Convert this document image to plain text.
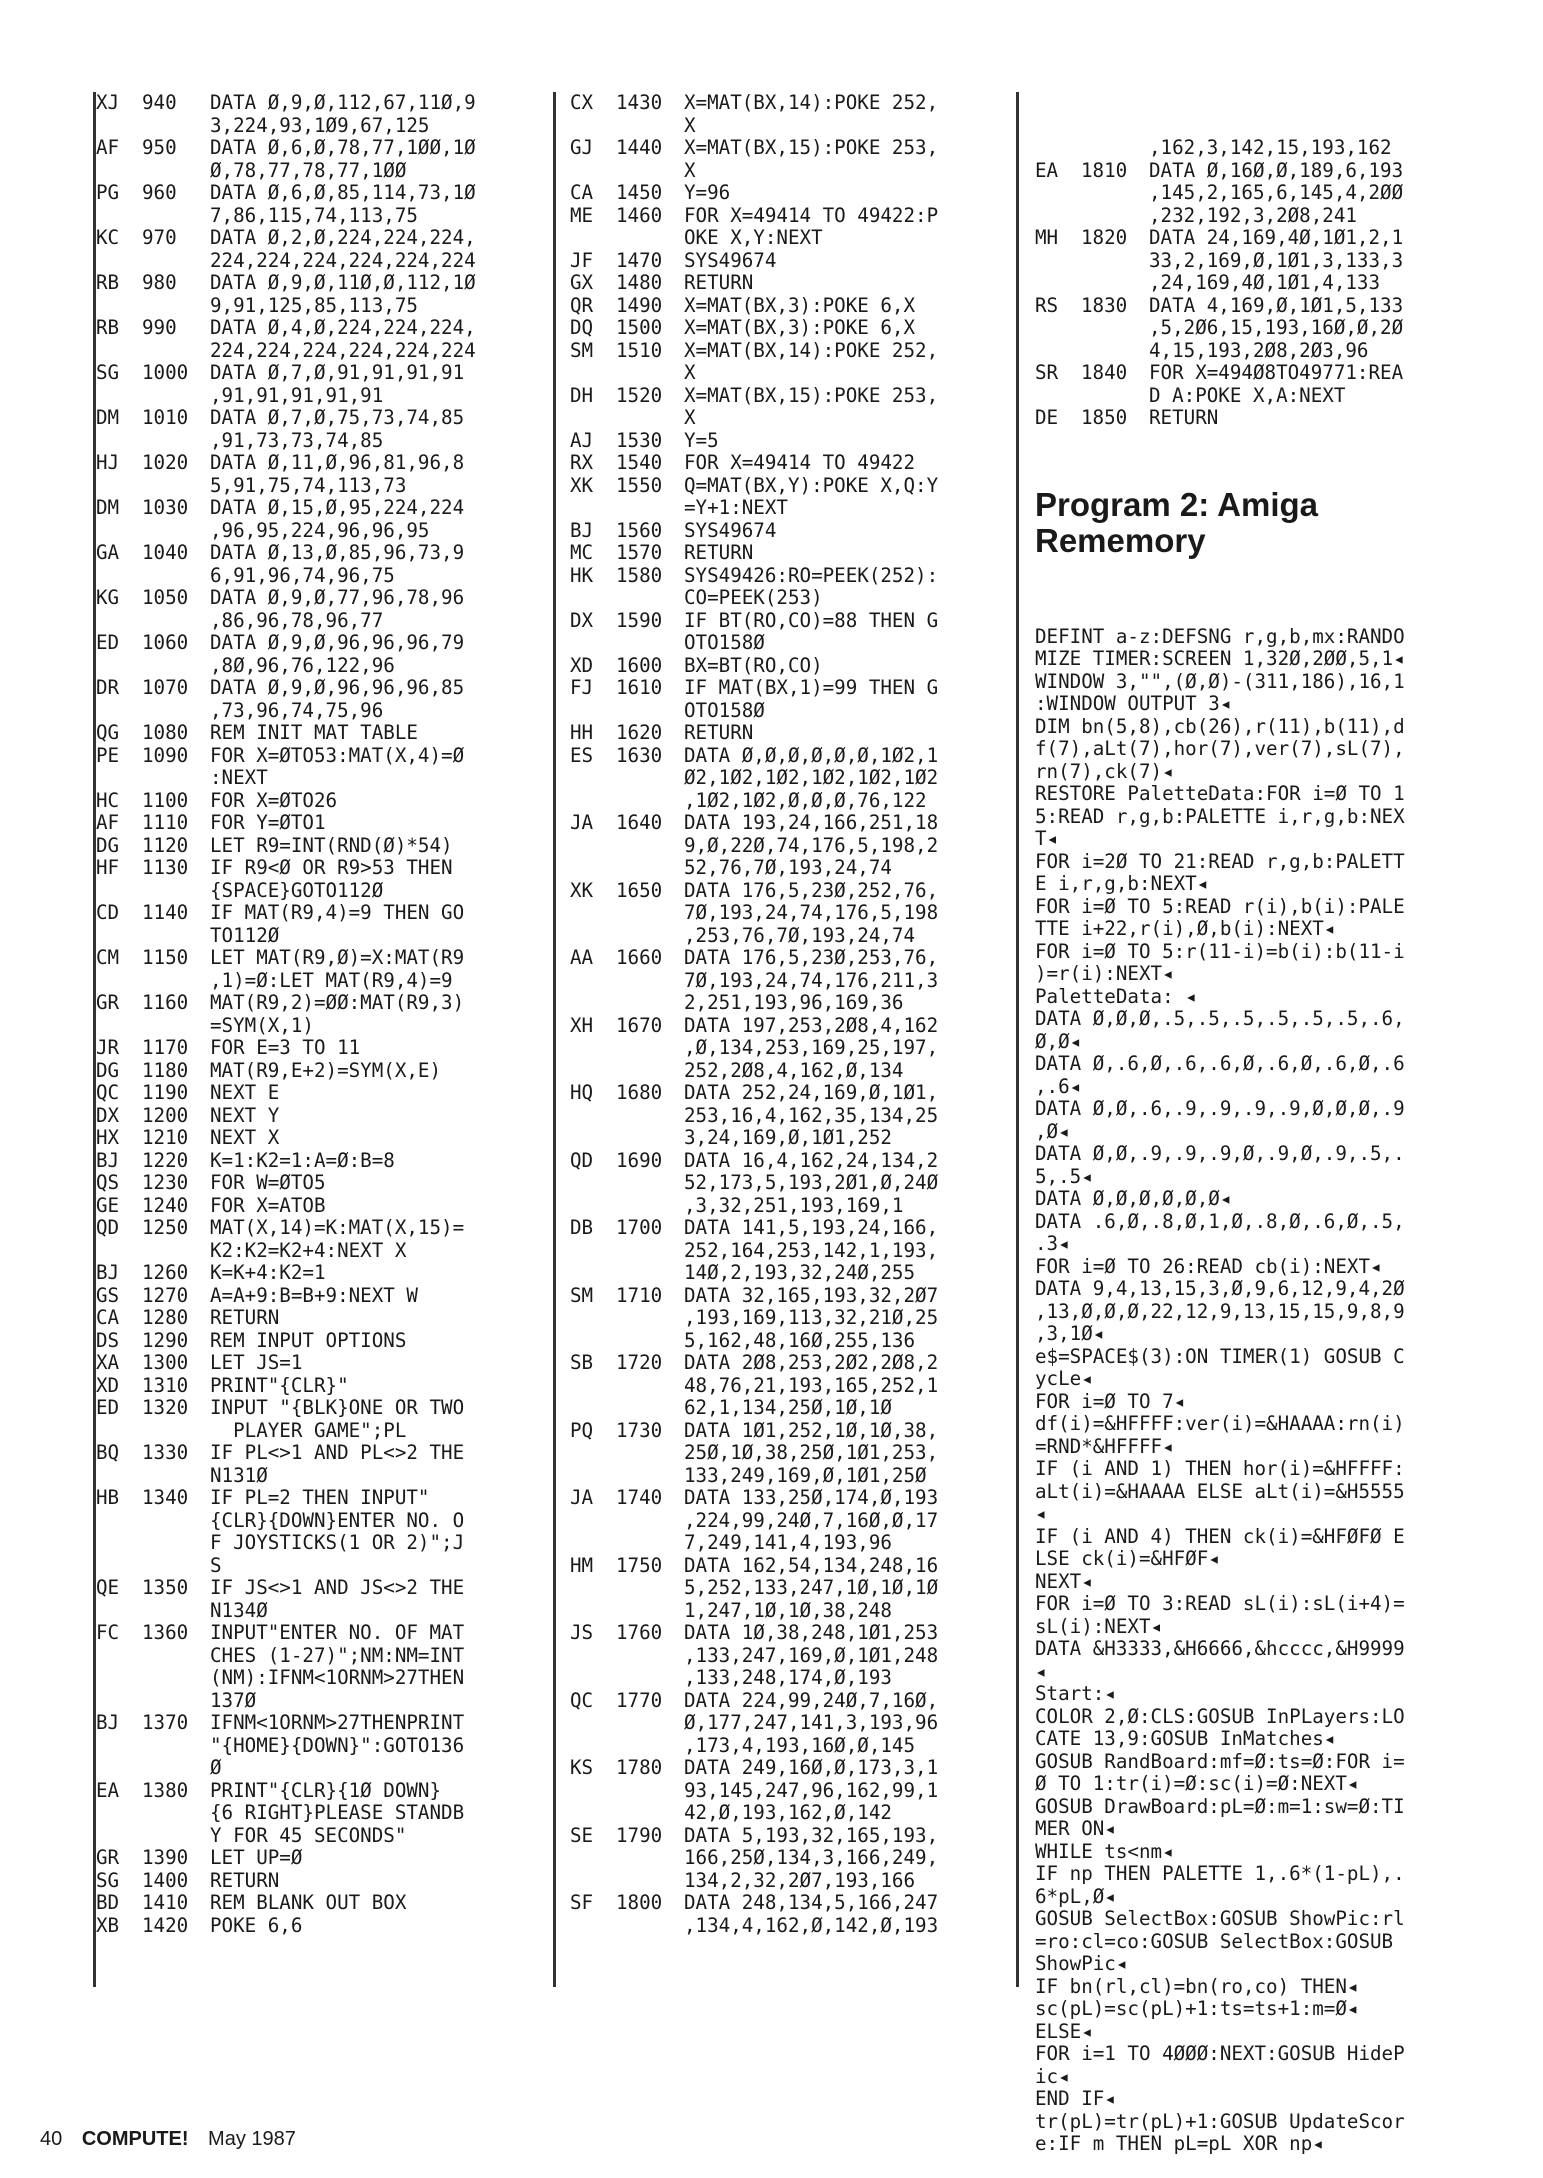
XJ	940	DATA Ø,9,Ø,112,67,11Ø,9
3,224,93,1Ø9,67,125
AF	950	DATA Ø,6,Ø,78,77,1ØØ,1Ø
Ø,78,77,78,77,1ØØ
PG	960	DATA Ø,6,Ø,85,114,73,1Ø
7,86,115,74,113,75
KC	970	DATA Ø,2,Ø,224,224,224,
224,224,224,224,224,224
RB	980	DATA Ø,9,Ø,11Ø,Ø,112,1Ø
9,91,125,85,113,75
RB	990	DATA Ø,4,Ø,224,224,224,
224,224,224,224,224,224
SG	1000	DATA Ø,7,Ø,91,91,91,91
,91,91,91,91,91
DM	1010	DATA Ø,7,Ø,75,73,74,85
,91,73,73,74,85
HJ	1020	DATA Ø,11,Ø,96,81,96,8
5,91,75,74,113,73
DM	1030	DATA Ø,15,Ø,95,224,224
,96,95,224,96,96,95
GA	1040	DATA Ø,13,Ø,85,96,73,9
6,91,96,74,96,75
KG	1050	DATA Ø,9,Ø,77,96,78,96
,86,96,78,96,77
ED	1060	DATA Ø,9,Ø,96,96,96,79
,8Ø,96,76,122,96
DR	1070	DATA Ø,9,Ø,96,96,96,85
,73,96,74,75,96
QG	1080	REM INIT MAT TABLE
PE	1090	FOR X=ØTO53:MAT(X,4)=Ø
:NEXT
HC	1100	FOR X=ØTO26
AF	1110	FOR Y=ØTO1
DG	1120	LET R9=INT(RND(Ø)*54)
HF	1130	IF R9<Ø OR R9>53 THEN
{SPACE}GOTO112Ø
CD	1140	IF MAT(R9,4)=9 THEN GO
TO112Ø
CM	1150	LET MAT(R9,Ø)=X:MAT(R9
,1)=Ø:LET MAT(R9,4)=9
GR	1160	MAT(R9,2)=ØØ:MAT(R9,3)
=SYM(X,1)
JR	1170	FOR E=3 TO 11
DG	1180	MAT(R9,E+2)=SYM(X,E)
QC	1190	NEXT E
DX	1200	NEXT Y
HX	1210	NEXT X
BJ	1220	K=1:K2=1:A=Ø:B=8
QS	1230	FOR W=ØTO5
GE	1240	FOR X=ATOB
QD	1250	MAT(X,14)=K:MAT(X,15)=
K2:K2=K2+4:NEXT X
BJ	1260	K=K+4:K2=1
GS	1270	A=A+9:B=B+9:NEXT W
CA	1280	RETURN
DS	1290	REM INPUT OPTIONS
XA	1300	LET JS=1
XD	1310	PRINT"{CLR}"
ED	1320	INPUT "{BLK}ONE OR TWO
PLAYER GAME";PL
BQ	1330	IF PL<>1 AND PL<>2 THE
N131Ø
HB	1340	IF PL=2 THEN INPUT"
{CLR}{DOWN}ENTER NO. O
F JOYSTICKS(1 OR 2)";J
S
QE	1350	IF JS<>1 AND JS<>2 THE
N134Ø
FC	1360	INPUT"ENTER NO. OF MAT
CHES (1-27)";NM:NM=INT
(NM):IFNM<1ORNM>27THEN
137Ø
BJ	1370	IFNM<1ORNM>27THENPRINT
"{HOME}{DOWN}":GOTO136
Ø
EA	1380	PRINT"{CLR}{1Ø DOWN}
{6 RIGHT}PLEASE STANDB
Y FOR 45 SECONDS"
GR	1390	LET UP=Ø
SG	1400	RETURN
BD	1410	REM BLANK OUT BOX
XB	1420	POKE 6,6
CX	1430	X=MAT(BX,14):POKE 252,
X
GJ	1440	X=MAT(BX,15):POKE 253,
X
CA	1450	Y=96
ME	1460	FOR X=49414 TO 49422:P
OKE X,Y:NEXT
JF	1470	SYS49674
GX	1480	RETURN
QR	1490	X=MAT(BX,3):POKE 6,X
DQ	1500	X=MAT(BX,3):POKE 6,X
SM	1510	X=MAT(BX,14):POKE 252,
X
DH	1520	X=MAT(BX,15):POKE 253,
X
AJ	1530	Y=5
RX	1540	FOR X=49414 TO 49422
XK	1550	Q=MAT(BX,Y):POKE X,Q:Y
=Y+1:NEXT
BJ	1560	SYS49674
MC	1570	RETURN
HK	1580	SYS49426:RO=PEEK(252):
CO=PEEK(253)
DX	1590	IF BT(RO,CO)=88 THEN G
OTO158Ø
XD	1600	BX=BT(RO,CO)
FJ	1610	IF MAT(BX,1)=99 THEN G
OTO158Ø
HH	1620	RETURN
ES	1630	DATA Ø,Ø,Ø,Ø,Ø,Ø,1Ø2,1
Ø2,1Ø2,1Ø2,1Ø2,1Ø2,1Ø2
,1Ø2,1Ø2,Ø,Ø,Ø,76,122
JA	1640	DATA 193,24,166,251,18
9,Ø,22Ø,74,176,5,198,2
52,76,7Ø,193,24,74
XK	1650	DATA 176,5,23Ø,252,76,
7Ø,193,24,74,176,5,198
,253,76,7Ø,193,24,74
AA	1660	DATA 176,5,23Ø,253,76,
7Ø,193,24,74,176,211,3
2,251,193,96,169,36
XH	1670	DATA 197,253,2Ø8,4,162
,Ø,134,253,169,25,197,
252,2Ø8,4,162,Ø,134
HQ	1680	DATA 252,24,169,Ø,1Ø1,
253,16,4,162,35,134,25
3,24,169,Ø,1Ø1,252
QD	1690	DATA 16,4,162,24,134,2
52,173,5,193,2Ø1,Ø,24Ø
,3,32,251,193,169,1
DB	1700	DATA 141,5,193,24,166,
252,164,253,142,1,193,
14Ø,2,193,32,24Ø,255
SM	1710	DATA 32,165,193,32,2Ø7
,193,169,113,32,21Ø,25
5,162,48,16Ø,255,136
SB	1720	DATA 2Ø8,253,2Ø2,2Ø8,2
48,76,21,193,165,252,1
62,1,134,25Ø,1Ø,1Ø
PQ	1730	DATA 1Ø1,252,1Ø,1Ø,38,
25Ø,1Ø,38,25Ø,1Ø1,253,
133,249,169,Ø,1Ø1,25Ø
JA	1740	DATA 133,25Ø,174,Ø,193
,224,99,24Ø,7,16Ø,Ø,17
7,249,141,4,193,96
HM	1750	DATA 162,54,134,248,16
5,252,133,247,1Ø,1Ø,1Ø
1,247,1Ø,1Ø,38,248
JS	1760	DATA 1Ø,38,248,1Ø1,253
,133,247,169,Ø,1Ø1,248
,133,248,174,Ø,193
QC	1770	DATA 224,99,24Ø,7,16Ø,
Ø,177,247,141,3,193,96
,173,4,193,16Ø,Ø,145
KS	1780	DATA 249,16Ø,Ø,173,3,1
93,145,247,96,162,99,1
42,Ø,193,162,Ø,142
SE	1790	DATA 5,193,32,165,193,
166,25Ø,134,3,166,249,
134,2,32,2Ø7,193,166
SF	1800	DATA 248,134,5,166,247
,134,4,162,Ø,142,Ø,193

,162,3,142,15,193,162
EA	1810	DATA Ø,16Ø,Ø,189,6,193
,145,2,165,6,145,4,2ØØ
,232,192,3,2Ø8,241
MH	1820	DATA 24,169,4Ø,1Ø1,2,1
33,2,169,Ø,1Ø1,3,133,3
,24,169,4Ø,1Ø1,4,133
RS	1830	DATA 4,169,Ø,1Ø1,5,133
,5,2Ø6,15,193,16Ø,Ø,2Ø
4,15,193,2Ø8,2Ø3,96
SR	1840	FOR X=494Ø8TO49771:REA
D A:POKE X,A:NEXT
DE	1850	RETURN

Program 2: Amiga Rememory

DEFINT a-z:DEFSNG r,g,b,mx:RANDO
MIZE TIMER:SCREEN 1,32Ø,2ØØ,5,1◂
WINDOW 3,"",(Ø,Ø)-(311,186),16,1
:WINDOW OUTPUT 3◂
DIM bn(5,8),cb(26),r(11),b(11),d
f(7),aLt(7),hor(7),ver(7),sL(7),
rn(7),ck(7)◂
RESTORE PaletteData:FOR i=Ø TO 1
5:READ r,g,b:PALETTE i,r,g,b:NEX
T◂
FOR i=2Ø TO 21:READ r,g,b:PALETT
E i,r,g,b:NEXT◂
FOR i=Ø TO 5:READ r(i),b(i):PALE
TTE i+22,r(i),Ø,b(i):NEXT◂
FOR i=Ø TO 5:r(11-i)=b(i):b(11-i
)=r(i):NEXT◂
PaletteData: ◂
DATA Ø,Ø,Ø,.5,.5,.5,.5,.5,.5,.6,
Ø,Ø◂
DATA Ø,.6,Ø,.6,.6,Ø,.6,Ø,.6,Ø,.6
,.6◂
DATA Ø,Ø,.6,.9,.9,.9,.9,Ø,Ø,Ø,.9
,Ø◂
DATA Ø,Ø,.9,.9,.9,Ø,.9,Ø,.9,.5,.
5,.5◂
DATA Ø,Ø,Ø,Ø,Ø,Ø◂
DATA .6,Ø,.8,Ø,1,Ø,.8,Ø,.6,Ø,.5,
.3◂
FOR i=Ø TO 26:READ cb(i):NEXT◂
DATA 9,4,13,15,3,Ø,9,6,12,9,4,2Ø
,13,Ø,Ø,Ø,22,12,9,13,15,15,9,8,9
,3,1Ø◂
e$=SPACE$(3):ON TIMER(1) GOSUB C
ycLe◂
FOR i=Ø TO 7◂
df(i)=&HFFFF:ver(i)=&HAAAA:rn(i)
=RND*&HFFFF◂
IF (i AND 1) THEN hor(i)=&HFFFF:
aLt(i)=&HAAAA ELSE aLt(i)=&H5555
◂
IF (i AND 4) THEN ck(i)=&HFØFØ E
LSE ck(i)=&HFØF◂
NEXT◂
FOR i=Ø TO 3:READ sL(i):sL(i+4)=
sL(i):NEXT◂
DATA &H3333,&H6666,&hcccc,&H9999
◂
Start:◂
COLOR 2,Ø:CLS:GOSUB InPLayers:LO
CATE 13,9:GOSUB InMatches◂
GOSUB RandBoard:mf=Ø:ts=Ø:FOR i=
Ø TO 1:tr(i)=Ø:sc(i)=Ø:NEXT◂
GOSUB DrawBoard:pL=Ø:m=1:sw=Ø:TI
MER ON◂
WHILE ts<nm◂
IF np THEN PALETTE 1,.6*(1-pL),.
6*pL,Ø◂
GOSUB SelectBox:GOSUB ShowPic:rl
=ro:cl=co:GOSUB SelectBox:GOSUB
ShowPic◂
IF bn(rl,cl)=bn(ro,co) THEN◂
sc(pL)=sc(pL)+1:ts=ts+1:m=Ø◂
ELSE◂
FOR i=1 TO 4ØØØ:NEXT:GOSUB HideP
ic◂
END IF◂
tr(pL)=tr(pL)+1:GOSUB UpdateScor
e:IF m THEN pL=pL XOR np◂

40 COMPUTE! May 1987
